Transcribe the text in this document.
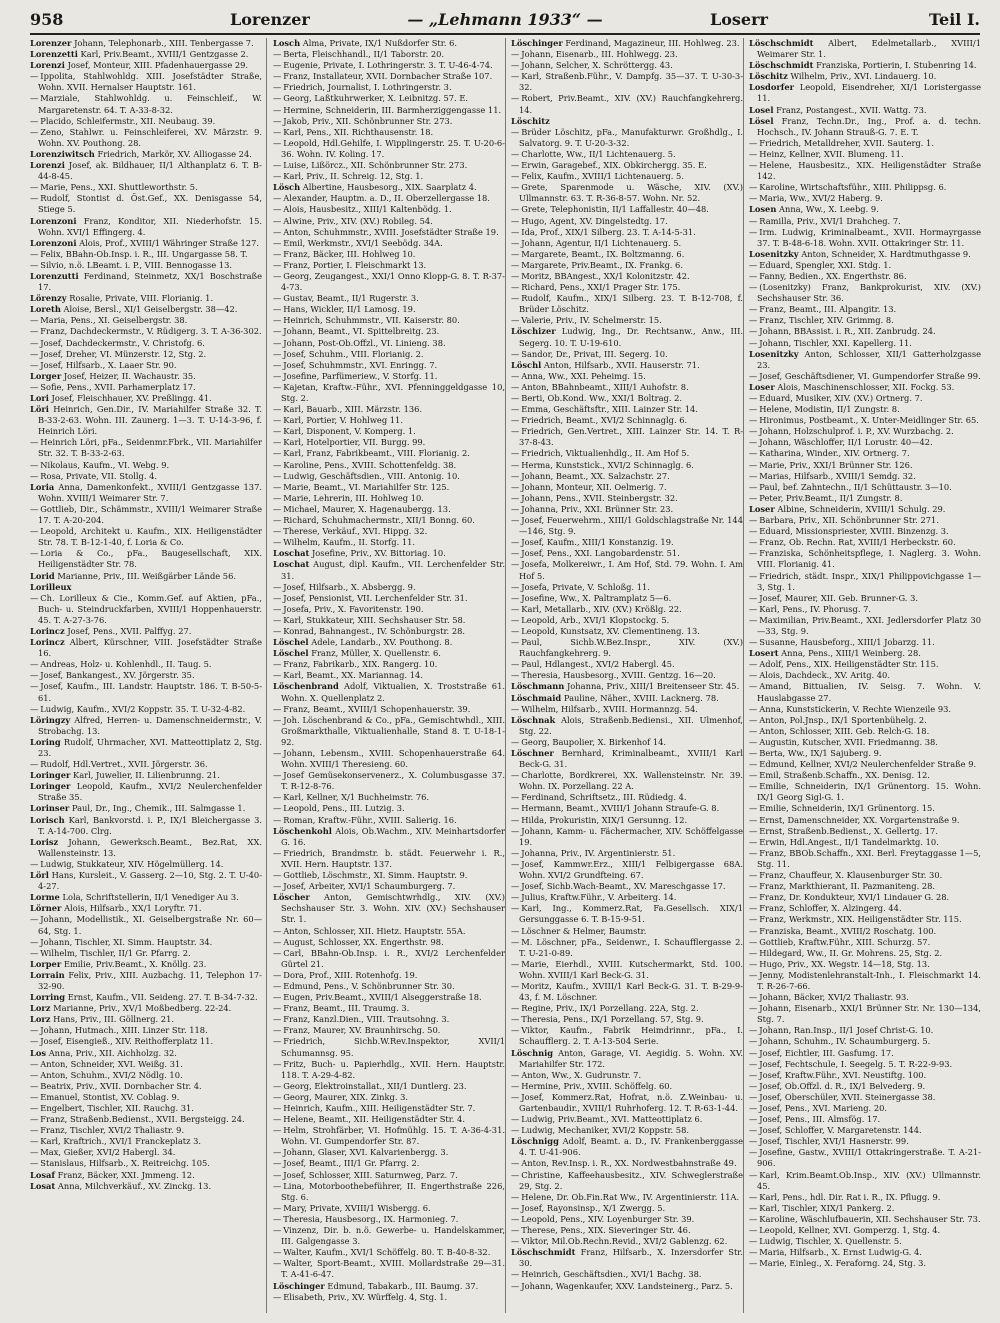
958	Lorenzer	— „Lehmann 1933“ —	Loserr	Teil I.

Lorenzer Johann, Telephonarb., XIII. Tenbergasse 7.

Lorenzetti Karl, Priv.Beamt., XVIII/1 Gentzgasse 2.

Lorenzi Josef, Monteur, XIII. Pfadenhauergasse 29.

— Ippolita, Stahlwohldg. XIII. Josefstädter Straße, Wohn. XVII. Hernalser Hauptstr. 161.

— Marziale, Stahlwohldg. u. Feinschleif., W. Margaretenstr. 64. T. A-33-8-32.

— Placido, Schleifermstr., XII. Neubaug. 39.

— Zeno, Stahlwr. u. Feinschleiferei, XV. Märzstr. 9. Wohn. XV. Pouthong. 28.

Lorenziwitsch Friedrich, Markör, XV. Alliogasse 24.

Lorenzi Josef, ak. Bildhauer, II/1 Althanplatz 6. T. B-44-8-45.

— Marie, Pens., XXI. Shuttleworthstr. 5.

— Rudolf, Stontist d. Öst.Gef., XX. Denisgasse 54, Stiege 5.

Lorenzoni Franz, Konditor, XII. Niederhofstr. 15. Wohn. XVI/1 Effingerg. 4.

Lorenzoni Alois, Prof., XVIII/1 Währinger Straße 127.

— Felix, BBahn-Ob.Insp. i. R., III. Ungargasse 58. T.

— Silvio, n.ö. LBeamt. i. P., VIII. Bennogasse 13.

Lorenzutti Ferdinand, Steinmetz, XX/1 Boschstraße 17.

Lörenzy Rosalie, Private, VIII. Florianig. 1.

Loreth Aloise, Bersl., XI/1 Geiselbergstr. 38—42.

— Maria, Pens., XI. Geiselbergstr. 38.

— Franz, Dachdeckermstr., V. Rüdigerg. 3. T. A-36-302.

— Josef, Dachdeckermstr., V. Christofg. 6.

— Josef, Dreher, VI. Münzerstr. 12, Stg. 2.

— Josef, Hilfsarb., X. Laaer Str. 90.

Lorger Josef, Heizer, II. Wachaustr. 35.

— Sofie, Pens., XVII. Parhamerplatz 17.

Lori Josef, Fleischhauer, XV. Preßlingg. 41.

Löri Heinrich, Gen.Dir., IV. Mariahilfer Straße 32. T. B-33-2-63. Wohn. III. Zaunerg. 1—3. T. U-14-3-96, f. Heinrich Löri.

— Heinrich Löri, pFa., Seidenmr.Fbrk., VII. Mariahilfer Str. 32. T. B-33-2-63.

— Nikolaus, Kaufm., VI. Webg. 9.

— Rosa, Private, VII. Stollg. 4.

Loria Anna, Damenkonfekt., XVIII/1 Gentzgasse 137. Wohn. XVIII/1 Weimarer Str. 7.

— Gottlieb, Dir., Schämmstr., XVIII/1 Weimarer Straße 17. T. A-20-204.

— Leopold, Architekt u. Kaufm., XIX. Heiligenstädter Str. 78. T. B-12-1-40, f. Loria & Co.

— Loria & Co., pFa., Baugesellschaft, XIX. Heiligenstädter Str. 78.

Lorid Marianne, Priv., III. Weißgärber Lände 56.

Lorilleux

— Ch. Lorilleux & Cie., Komm.Gef. auf Aktien, pFa., Buch- u. Steindruckfarben, XVIII/1 Hoppenhauerstr. 45. T. A-27-3-76.

Lorincz Josef, Pens., XVII. Palffyg. 27.

Lorincz Albert, Kürschner, VIII. Josefstädter Straße 16.

— Andreas, Holz- u. Kohlenhdl., II. Taug. 5.

— Josef, Bankangest., XV. Jörgerstr. 35.

— Josef, Kaufm., III. Landstr. Hauptstr. 186. T. B-50-5-61.

— Ludwig, Kaufm., XVI/2 Koppstr. 35. T. U-32-4-82.

Löringzy Alfred, Herren- u. Damenschneidermstr., V. Strobachg. 13.

Loring Rudolf, Uhrmacher, XVI. Matteottiplatz 2, Stg. 23.

— Rudolf, Hdl.Vertret., XVII. Jörgerstr. 36.

Loringer Karl, Juwelier, II. Lilienbrunng. 21.

Loringer Leopold, Kaufm., XVI/2 Neulerchenfelder Straße 35.

Lorinser Paul, Dr., Ing., Chemik., III. Salmgasse 1.

Lorisch Karl, Bankvorstd. i. P., IX/1 Bleichergasse 3. T. A-14-700. Clrg.

Lorisz Johann, Gewerksch.Beamt., Bez.Rat, XX. Wallensteinstr. 13.

— Ludwig, Stukkateur, XIV. Högelmüllerg. 14.

Lörl Hans, Kursleit., V. Gasserg. 2—10, Stg. 2. T. U-40-4-27.

Lorme Lola, Schriftstellerin, II/1 Venediger Au 3.

Lörner Alois, Hilfsarb., XX/1 Loryftr. 71.

— Johann, Modellistik., XI. Geiselbergstraße Nr. 60—64, Stg. 1.

— Johann, Tischler, XI. Simm. Hauptstr. 34.

— Wilhelm, Tischler, II/1 Gr. Pfarrg. 2.

Lorper Emilie, Priv.Beamt., X. Knöllg. 23.

Lorrain Felix, Priv., XIII. Auzbachg. 11, Telephon 17-32-90.

Lorring Ernst, Kaufm., VII. Seideng. 27. T. B-34-7-32.

Lorz Marianne, Priv., XV/1 Moßbedberg. 22-24.

Lorz Hans, Priv., III. Göllnerg. 21.

— Johann, Hutmach., XIII. Linzer Str. 118.

— Josef, Eisengieß., XIV. Reithofferplatz 11.

Los Anna, Priv., XII. Aichholzg. 32.

— Anton, Schneider, XVI. Weißg. 31.

— Anton, Schuhm., XVI/2 Nödlg. 10.

— Beatrix, Priv., XVII. Dornbacher Str. 4.

— Emanuel, Stontist, XV. Coblag. 9.

— Engelbert, Tischler, XII. Rauchg. 31.

— Franz, Straßenb.Bedienst., XVII. Bergsteigg. 24.

— Franz, Tischler, XVI/2 Thaliastr. 9.

— Karl, Kraftrich., XVI/1 Franckeplatz 3.

— Max, Gießer, XVI/2 Habergl. 34.

— Stanislaus, Hilfsarb., X. Reitreichg. 105.

Losaf Franz, Bäcker, XXI. Jmmeng. 12.

Losat Anna, Milchverkäuf., XV. Zinckg. 13.

Losch Alma, Private, IX/1 Nußdorfer Str. 6.

— Berta, Fleischhandl., II/1 Taborstr. 20.

— Eugenie, Private, I. Lothringerstr. 3. T. U-46-4-74.

— Franz, Installateur, XVII. Dornbacher Straße 107.

— Friedrich, Journalist, I. Lothringerstr. 3.

— Georg, Laßtkuhrwerker, X. Leibnitzg. 57. E.

— Hermine, Schneiderin, III. Barmherziggengasse 11.

— Jakob, Priv., XII. Schönbrunner Str. 273.

— Karl, Pens., XII. Richthausenstr. 18.

— Leopold, Hdl.Gehilfe, I. Wipplingerstr. 25. T. U-20-6-36. Wohn. IV. Koling. 17.

— Luise, Lißörcz., XII. Schönbrunner Str. 273.

— Karl, Priv., II. Schreig. 12, Stg. 1.

Lösch Albertine, Hausbesorg., XIX. Saarplatz 4.

— Alexander, Hauptm. a. D., II. Oberzellergasse 18.

— Alois, Hausbesitz., XIII/1 Kaltenbödg. 1.

— Alwine, Priv., XIV. (XV.) Robileg. 54.

— Anton, Schuhmmstr., XVIII. Josefstädter Straße 19.

— Emil, Werkmstr., XVI/1 Seebödg. 34A.

— Franz, Bäcker, III. Hohlweg 10.

— Franz, Portier, I. Fleischmarkt 13.

— Georg, Zeugangest., XXI/1 Onno Klopp-G. 8. T. R-37-4-73.

— Gustav, Beamt., II/1 Rugerstr. 3.

— Hans, Wickler, II/1 Lamosg. 19.

— Heinrich, Schuhmmstr., VII. Kaiserstr. 80.

— Johann, Beamt., VI. Spittelbreitg. 23.

— Johann, Post-Ob.Offzl., VI. Linieng. 38.

— Josef, Schuhm., VIII. Florianig. 2.

— Josef, Schuhmmstr., XVI. Enringg. 7.

— Josefine, Parfümeriew., V. Storfg. 11.

— Kajetan, Kraftw.-Führ., XVI. Pfenninggeldgasse 10, Stg. 2.

— Karl, Bauarb., XIII. Märzstr. 136.

— Karl, Portier, V. Hohlweg 11.

— Karl, Disponent, V. Komperg. 1.

— Karl, Hotelportier, VII. Burgg. 99.

— Karl, Franz, Fabrikbeamt., VIII. Florianig. 2.

— Karoline, Pens., XVIII. Schottenfeldg. 38.

— Ludwig, Geschäftsdien., VIII. Antonig. 10.

— Marie, Beamt., VI. Mariahilfer Str. 125.

— Marie, Lehrerin, III. Hohlweg 10.

— Michael, Maurer, X. Hagenaubergg. 13.

— Richard, Schuhmachermstr., XII/1 Bonng. 60.

— Therese, Verkäuf., XVI. Hippg. 32.

— Wilhelm, Kaufm., II. Storfg. 11.

Loschat Josefine, Priv., XV. Bittoriag. 10.

Loschat August, dipl. Kaufm., VII. Lerchenfelder Str. 31.

— Josef, Hilfsarb., X. Absbergg. 9.

— Josef, Pensionist, VII. Lerchenfelder Str. 31.

— Josefa, Priv., X. Favoritenstr. 190.

— Karl, Stukkateur, XIII. Sechshauser Str. 58.

— Konrad, Bahnangest., IV. Schönburgstr. 28.

Löschel Adele, Landarb., XV. Pouthong. 8.

Löschel Franz, Müller, X. Quellenstr. 6.

— Franz, Fabrikarb., XIX. Rangerg. 10.

— Karl, Beamt., XX. Mariannag. 14.

Löschenbrand Adolf, Viktualien, X. Troststraße 61. Wohn. X. Quellenplatz 2.

— Franz, Beamt., XVIII/1 Schopenhauerstr. 39.

— Joh. Löschenbrand & Co., pFa., Gemischtwhdl., XIII. Großmarkthalle, Viktualienhalle, Stand 8. T. U-18-1-92.

— Johann, Lebensm., XVIII. Schopenhauerstraße 64. Wohn. XVIII/1 Theresieng. 60.

— Josef Gemüsekonservenerz., X. Columbusgasse 37. T. R-12-8-76.

— Karl, Kellner, X/1 Buchheimstr. 76.

— Leopold, Pens., III. Lutzig. 3.

— Roman, Kraftw.-Führ., XVIII. Salierig. 16.

Löschenkohl Alois, Ob.Wachm., XIV. Meinhartsdorfer G. 16.

— Friedrich, Brandmstr. b. städt. Feuerwehr i. R., XVII. Hern. Hauptstr. 137.

— Gottlieb, Löschmstr., XI. Simm. Hauptstr. 9.

— Josef, Arbeiter, XVI/1 Schaumburgerg. 7.

Löscher Anton, Gemischtwrhdlg., XIV. (XV.) Sechshauser Str. 3. Wohn. XIV. (XV.) Sechshauser Str. 1.

— Anton, Schlosser, XII. Hietz. Hauptstr. 55A.

— August, Schlosser, XX. Engerthstr. 98.

— Carl, BBahn-Ob.Insp. i. R., XVI/2 Lerchenfelder Gürtel 21.

— Dora, Prof., XIII. Rotenhofg. 19.

— Edmund, Pens., V. Schönbrunner Str. 30.

— Eugen, Priv.Beamt., XVIII/1 Alseggerstraße 18.

— Franz, Beamt., III. Traumg. 3.

— Franz, Kanzl.Dien., VIII. Trautsohng. 3.

— Franz, Maurer, XV. Braunhirschg. 50.

— Friedrich, Sichb.W.Rev.Inspektor, XVII/1 Schumannsg. 95.

— Fritz, Buch- u. Papierhdlg., XVII. Hern. Hauptstr. 118. T. A-29-4-82.

— Georg, Elektroinstallat., XII/1 Duntlerg. 23.

— Georg, Maurer, XIX. Zinkg. 3.

— Heinrich, Kaufm., XIII. Heiligenstädter Str. 7.

— Helene, Beamt., XII. Heiligenstädter Str. 4.

— Helm, Strohfärber, VI. Hofmühlg. 15. T. A-36-4-31. Wohn. VI. Gumpendorfer Str. 87.

— Johann, Glaser, XVI. Kalvarienbergg. 3.

— Josef, Beamt., III/1 Gr. Pfarrg. 2.

— Josef, Schlosser, XIII. Saturnweg, Parz. 7.

— Lina, Motorboothebeführer, II. Engerthstraße 226, Stg. 6.

— Mary, Private, XVIII/1 Wisbergg. 6.

— Theresia, Hausbesorg., IX. Harmonieg. 7.

— Vinzenz, Dir. b. n.ö. Gewerbe- u. Handelskammer, III. Galgengasse 3.

— Walter, Kaufm., XVI/1 Schöffelg. 80. T. B-40-8-32.

— Walter, Sport-Beamt., XVIII. Mollardstraße 29—31. T. A-41-6-47.

Löschinger Edmund, Tabakarb., III. Baumg. 37.

— Elisabeth, Priv., XV. Würffelg. 4, Stg. 1.

Löschinger Ferdinand, Magazineur, III. Hohlweg. 23.

— Johann, Eisenarb., III. Hohlwegg. 23.

— Johann, Selcher, X. Schröttergg. 43.

— Karl, Straßenb.Führ., V. Dampfg. 35—37. T. U-30-3-32.

— Robert, Priv.Beamt., XIV. (XV.) Rauchfangkehrerg. 14.

Löschitz

— Brüder Löschitz, pFa., Manufakturwr. Großhdlg., I. Salvatorg. 9. T. U-20-3-32.

— Charlotte, Ww., II/1 Lichtenauerg. 5.

— Erwin, Garagebef., XIX. Obkirchergg. 35. E.

— Felix, Kaufm., XVIII/1 Lichtenauerg. 5.

— Grete, Sparenmode u. Wäsche, XIV. (XV.) Ullmannstr. 63. T. R-36-8-57. Wohn. Nr. 52.

— Grete, Telephonistin, II/1 Laffallestr. 40—48.

— Hugo, Agent, XV. Dingelstedtg. 17.

— Ida, Prof., XIX/1 Silberg. 23. T. A-14-5-31.

— Johann, Agentur, II/1 Lichtenauerg. 5.

— Margarete, Beamt., IX. Boltzmanng. 6.

— Margarete, Priv.Beamt., IX. Frankg. 6.

— Moritz, BBAngest., XX/1 Kolonitzstr. 42.

— Richard, Pens., XXI/1 Prager Str. 175.

— Rudolf, Kaufm., XIX/1 Silberg. 23. T. B-12-708, f. Brüder Löschitz.

— Valerie, Priv., IV. Schelmerstr. 15.

Löschizer Ludwig, Ing., Dr. Rechtsanw., Anw., III. Segerg. 10. T. U-19-610.

— Sandor, Dr., Privat, III. Segerg. 10.

Löschl Anton, Hilfsarb., XVII. Hauserstr. 71.

— Anna, Ww., XXI. Peheimg. 15.

— Anton, BBahnbeamt., XIII/1 Auhofstr. 8.

— Berti, Ob.Kond. Ww., XXI/1 Boltrag. 2.

— Emma, Geschäftsftr., XIII. Lainzer Str. 14.

— Friedrich, Beamt., XVI/2 Schinnaglg. 6.

— Friedrich, Gen.Vertret., XIII. Lainzer Str. 14. T. R-37-8-43.

— Friedrich, Viktualienhdlg., II. Am Hof 5.

— Herma, Kunststick., XVI/2 Schinnaglg. 6.

— Johann, Beamt., XX. Salzachstr. 27.

— Johann, Monteur, XII. Oelmerig. 7.

— Johann, Pens., XVII. Steinbergstr. 32.

— Johanna, Priv., XXI. Brünner Str. 23.

— Josef, Feuerwehrm., XIII/1 Goldschlagstraße Nr. 144—146, Stg. 9.

— Josef, Kaufm., XIII/1 Konstanzig. 19.

— Josef, Pens., XXI. Langobardenstr. 51.

— Josefa, Molkereiwr., I. Am Hof, Std. 79. Wohn. I. Am Hof 5.

— Josefa, Private, V. Schloßg. 11.

— Josefine, Ww., X. Paltramplatz 5—6.

— Karl, Metallarb., XIV. (XV.) Krößlg. 22.

— Leopold, Arb., XVI/1 Klopstockg. 5.

— Leopold, Kunstsatz, XV. Clementineng. 13.

— Paul, Sichb.W.Bez.Inspr., XIV. (XV.) Rauchfangkehrerg. 9.

— Paul, Hdlangest., XVI/2 Habergl. 45.

— Theresia, Hausbesorg., XVIII. Gentzg. 16—20.

Löschmann Johanna, Priv., XIII/1 Breitenseer Str. 45.

Löschmaid Pauline, Näher., XVIII. Lacknerg. 78.

— Wilhelm, Hilfsarb., XVIII. Hormannzg. 54.

Löschnak Alois, Straßenb.Bediensi., XII. Ulmenhof, Stg. 22.

— Georg, Baupolier, X. Birkenhof 14.

Löschner Bernhard, Kriminalbeamt., XVIII/1 Karl Beck-G. 31.

— Charlotte, Bordkrerei, XX. Wallensteinstr. Nr. 39. Wohn. IX. Porzellang. 22 A.

— Ferdinand, Schriftsetz., III. Rüdiedg. 4.

— Hermann, Beamt., XVIII/1 Johann Straufe-G. 8.

— Hilda, Prokuristin, XIX/1 Gersunng. 12.

— Johann, Kamm- u. Fächermacher, XIV. Schöffelgasse 19.

— Johanna, Priv., IV. Argentinierstr. 51.

— Josef, Kammwr.Erz., XIII/1 Felbigergasse 68A. Wohn. XVI/2 Grundfteing. 67.

— Josef, Sichb.Wach-Beamt., XV. Mareschgasse 17.

— Julius, Kraftw.Führ., V. Arbeiterg. 14.

— Karl, Ing., Kommerz.Rat, Fa.Gesellsch. XIX/1 Gersunggasse 6. T. B-15-9-51.

— Löschner & Helmer, Baumstr.

— M. Löschner, pFa., Seidenwr., I. Schaufflergasse 2. T. U-21-0-89.

— Marie, Eierhdl., XVIII. Kutschermarkt, Std. 100. Wohn. XVIII/1 Karl Beck-G. 31.

— Moritz, Kaufm., XVIII/1 Karl Beck-G. 31. T. B-29-9-43, f. M. Löschner.

— Regine, Priv., IX/1 Porzellang. 22A, Stg. 2.

— Theresia, Pens., IX/1 Porzellang. 57, Stg. 9.

— Viktor, Kaufm., Fabrik Heimdrinnr., pFa., I. Schaufflerg. 2. T. A-13-504 Serie.

Löschnig Anton, Garage, VI. Aegidig. 5. Wohn. XV. Mariahilfer Str. 172.

— Anton, Ww., X. Gudrunstr. 7.

— Hermine, Priv., XVIII. Schöffelg. 60.

— Josef, Kommerz.Rat, Hofrat, n.ö. Z.Weinbau- u. Gartenbaudir., XVIII/1 Ruhrhoferg. 12. T. R-63-1-44.

— Ludwig, Priv.Beamt., XVI. Matteottiplatz 6.

— Ludwig, Mechaniker, XVI/2 Koppstr. 58.

Löschnigg Adolf, Beamt. a. D., IV. Frankenberggasse 4. T. U-41-906.

— Anton, Rev.Insp. i. R., XX. Nordwestbahnstraße 49.

— Christine, Kaffeehausbesitz., XIV. Schweglerstraße 29, Stg. 2.

— Helene, Dr. Ob.Fin.Rat Ww., IV. Argentinierstr. 11A.

— Josef, Rayonsinsp., X/1 Zwergg. 5.

— Leopold, Pens., XIV. Loyenburger Str. 39.

— Therese, Pens., XIX. Sieveringer Str. 46.

— Viktor, Mil.Ob.Rechn.Revid., XVI/2 Gablenzg. 62.

Löschschmidt Franz, Hilfsarb., X. Inzersdorfer Str. 30.

— Heinrich, Geschäftsdien., XVI/1 Bachg. 38.

— Johann, Wagenkaufer, XXV. Landsteinerg., Parz. 5.

Löschschmidt Albert, Edelmetallarb., XVIII/1 Weimarer Str. 1.

Löschschmidt Franziska, Portierin, I. Stubenring 14.

Löschitz Wilhelm, Priv., XVI. Lindauerg. 10.

Losdorfer Leopold, Eisendreher, XI/1 Loristergasse 11.

Losel Franz, Postangest., XVII. Wattg. 73.

Lösel Franz, Techn.Dr., Ing., Prof. a. d. techn. Hochsch., IV. Johann Strauß-G. 7. E. T.

— Friedrich, Metalldreher, XVII. Sauterg. 1.

— Heinz, Kellner, XVII. Blumeng. 11.

— Helene, Hausbesitz., XIX. Heiligenstädter Straße 142.

— Karoline, Wirtschaftsführ., XIII. Philippsg. 6.

— Maria, Ww., XVI/2 Haberg. 9.

Losen Anna, Ww., X. Leebg. 9.

— Ramilla, Priv., XVI/1 Drahcheg. 7.

— Irm. Ludwig, Kriminalbeamt., XVII. Hormayrgasse 37. T. B-48-6-18. Wohn. XVII. Ottakringer Str. 11.

Losenitzky Anton, Schneider, X. Hardtmuthgasse 9.

— Eduard, Spengler, XXI. Stdg. 1.

— Fanny, Bedien., XX. Engerthstr. 86.

— (Losenitzky) Franz, Bankprokurist, XIV. (XV.) Sechshauser Str. 36.

— Franz, Beamt., III. Alpangitr. 13.

— Franz, Tischler, XIV. Grimmg. 8.

— Johann, BBAssist. i. R., XII. Zanbrudg. 24.

— Johann, Tischler, XXI. Kapellerg. 11.

Losenitzky Anton, Schlosser, XII/1 Gatterholzgasse 23.

— Josef, Geschäftsdiener, VI. Gumpendorfer Straße 99.

Loser Alois, Maschinenschlosser, XII. Fockg. 53.

— Eduard, Musiker, XIV. (XV.) Ortnerg. 7.

— Helene, Modistin, II/1 Zungstr. 8.

— Hironimus, Postbeamt., X. Unter-Meidlinger Str. 65.

— Johann, Holzschulprof. i. P., XV. Wurzbachg. 2.

— Johann, Wäschloffer, II/1 Lorustr. 40—42.

— Katharina, Winder., XIV. Ortnerg. 7.

— Marie, Priv., XXI/1 Brünner Str. 126.

— Marias, Hilfsarb., XVIII/1 Semdg. 32.

— Paul, bef. Zahntechn., II/1 Schüttaustr. 3—10.

— Peter, Priv.Beamt., II/1 Zungstr. 8.

Loser Albine, Schneiderin, XVIII/1 Schulg. 29.

— Barbara, Priv., XII. Schönbrunner Str. 271.

— Eduard, Missionspriester, XVIII. Binzenzg. 3.

— Franz, Ob. Rechn. Rat, XVIII/1 Herbeckstr. 60.

— Franziska, Schönheitspflege, I. Naglerg. 3. Wohn. VIII. Florianig. 41.

— Friedrich, städt. Inspr., XIX/1 Philippovichgasse 1—3, Stg. 1.

— Josef, Maurer, XII. Geb. Brunner-G. 3.

— Karl, Pens., IV. Phorusg. 7.

— Maximilian, Priv.Beamt., XXI. Jedlersdorfer Platz 30—33, Stg. 9.

— Susanne, Hausbeforg., XIII/1 Jobarzg. 11.

Losert Anna, Pens., XIII/1 Weinberg. 28.

— Adolf, Pens., XIX. Heiligenstädter Str. 115.

— Alois, Dachdeck., XV. Aritg. 40.

— Amand, Bittualien, IV. Seisg. 7. Wohn. V. Hauslabgasse 27.

— Anna, Kunststickerin, V. Rechte Wienzeile 93.

— Anton, Pol.Jnsp., IX/1 Sportenbühelg. 2.

— Anton, Schlosser, XIII. Geb. Relch-G. 18.

— Augustin, Kutscher, XVII. Friedmanng. 38.

— Berta, Ww., IX/1 Sajuberg. 9.

— Edmund, Kellner, XVI/2 Neulerchenfelder Straße 9.

— Emil, Straßenb.Schaffn., XX. Denisg. 12.

— Emilie, Schneiderin, IX/1 Grünentorg. 15. Wohn. IX/1 Georg Sigl-G. 1.

— Emilie, Schneiderin, IX/1 Grünentorg. 15.

— Ernst, Damenschneider, XX. Vorgartenstraße 9.

— Ernst, Straßenb.Bedienst., X. Gellertg. 17.

— Erwin, Hdl.Angest., II/1 Tandelmarktg. 10.

— Franz, BBOb.Schaffn., XXI. Berl. Freytaggasse 1—5, Stg. 11.

— Franz, Chauffeur, X. Klausenburger Str. 30.

— Franz, Markthierant, II. Pazmaniteng. 28.

— Franz, Dr. Kondukteur, XVI/1 Lindauer G. 28.

— Franz, Schloffer, X. Alzingerg. 44.

— Franz, Werkmstr., XIX. Heiligenstädter Str. 115.

— Franziska, Beamt., XVIII/2 Roschatg. 100.

— Gottlieb, Kraftw.Führ., XIII. Schurzg. 57.

— Hildegard, Ww., II. Gr. Mohrens. 25, Stg. 2.

— Hugo, Priv., XX. Wegstr. 14—18, Stg. 13.

— Jenny, Modistenlehranstalt-Inh., I. Fleischmarkt 14. T. R-26-7-66.

— Johann, Bäcker, XVI/2 Thaliastr. 93.

— Johann, Eisenarb., XXI/1 Brünner Str. Nr. 130—134, Stg. 7.

— Johann, Ran.Insp., II/1 Josef Christ-G. 10.

— Johann, Schuhm., IV. Schaumburgerg. 5.

— Josef, Eichtler, III. Gasfumg. 17.

— Josef, Fechtschule, I. Seegelg. 5. T. R-22-9-93.

— Josef, Kraftw.Führ., XVI. Neustiftg. 100.

— Josef, Ob.Offzl. d. R., IX/1 Belvederg. 9.

— Josef, Oberschüler, XVII. Steinergasse 38.

— Josef, Pens., XVI. Marieng. 20.

— Josef, Pens., III. Almsfög. 17.

— Josef, Schloffer, V. Margaretenstr. 144.

— Josef, Tischler, XVI/1 Hasnerstr. 99.

— Josefine, Gastw., XVIII/1 Ottakringerstraße. T. A-21-906.

— Karl, Krim.Beamt.Ob.Insp., XIV. (XV.) Ullmannstr. 45.

— Karl, Pens., hdl. Dir. Rat i. R., IX. Pflugg. 9.

— Karl, Tischler, XIX/1 Pankerg. 2.

— Karoline, Wäschlufbauerin, XII. Sechshauser Str. 73.

— Leopold, Kellner, XVI. Gomperzg. 1, Stg. 4.

— Ludwig, Tischler, X. Quellenstr. 5.

— Maria, Hilfsarb., X. Ernst Ludwig-G. 4.

— Marie, Einleg., X. Feraforng. 24, Stg. 3.
